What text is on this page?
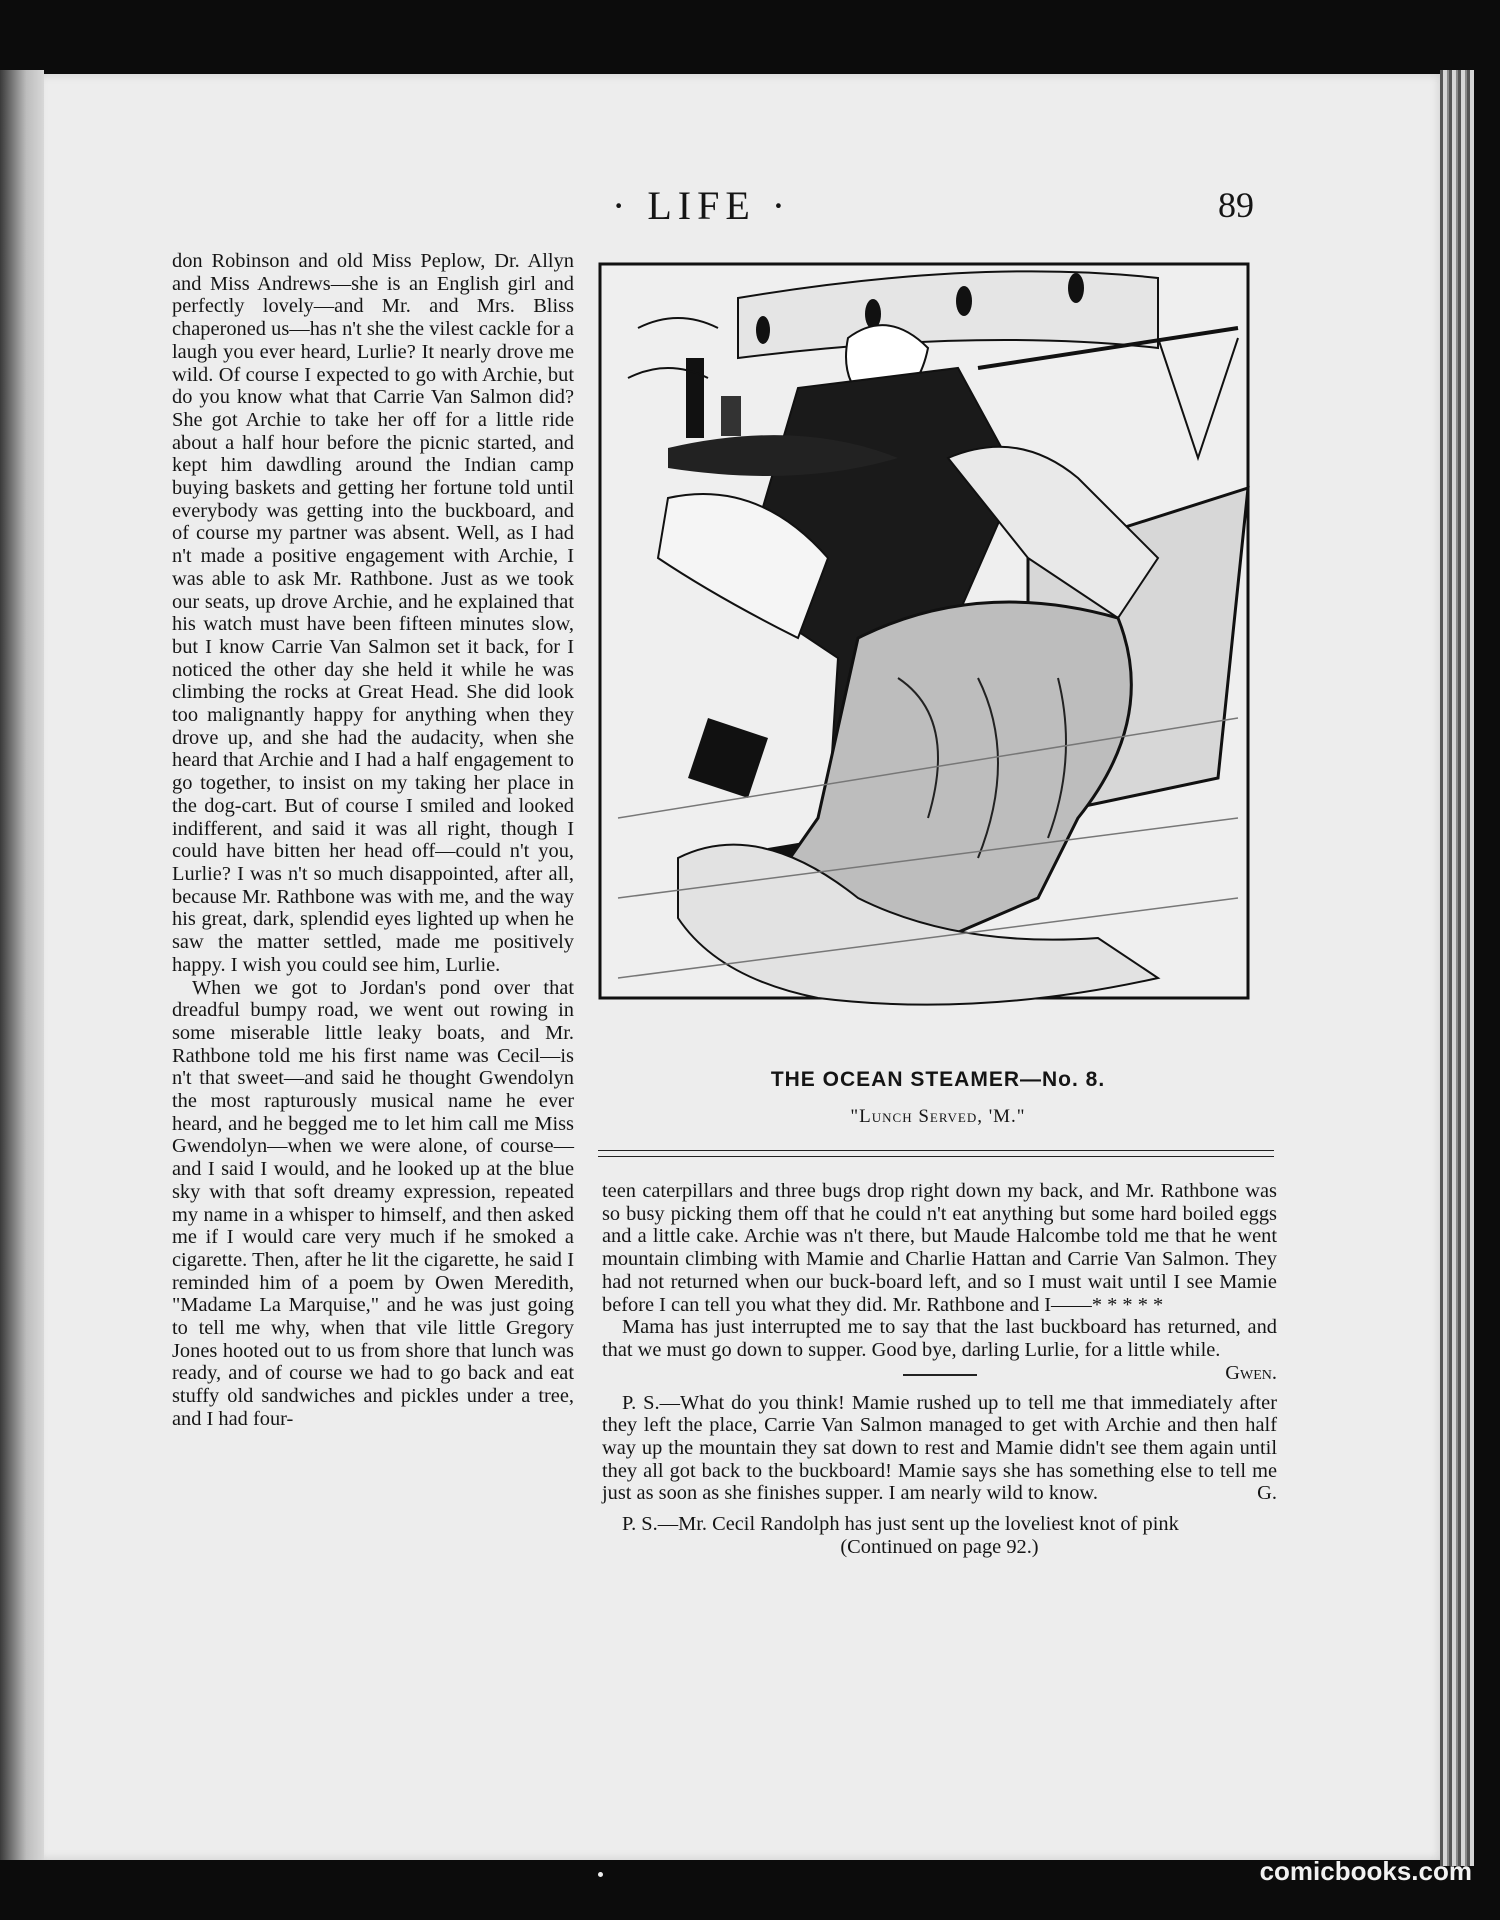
· LIFE ·	89

don Robinson and old Miss Peplow, Dr. Allyn and Miss Andrews—she is an English girl and perfectly lovely—and Mr. and Mrs. Bliss chaperoned us—has n't she the vilest cackle for a laugh you ever heard, Lurlie? It nearly drove me wild. Of course I expected to go with Archie, but do you know what that Carrie Van Salmon did? She got Archie to take her off for a little ride about a half hour before the picnic started, and kept him dawdling around the Indian camp buying baskets and getting her fortune told until everybody was getting into the buckboard, and of course my partner was absent. Well, as I had n't made a positive engagement with Archie, I was able to ask Mr. Rathbone. Just as we took our seats, up drove Archie, and he explained that his watch must have been fifteen minutes slow, but I know Carrie Van Salmon set it back, for I noticed the other day she held it while he was climbing the rocks at Great Head. She did look too malignantly happy for anything when they drove up, and she had the audacity, when she heard that Archie and I had a half engagement to go together, to insist on my taking her place in the dog-cart. But of course I smiled and looked indifferent, and said it was all right, though I could have bitten her head off—could n't you, Lurlie? I was n't so much disappointed, after all, because Mr. Rathbone was with me, and the way his great, dark, splendid eyes lighted up when he saw the matter settled, made me positively happy. I wish you could see him, Lurlie.

When we got to Jordan's pond over that dreadful bumpy road, we went out rowing in some miserable little leaky boats, and Mr. Rathbone told me his first name was Cecil—is n't that sweet—and said he thought Gwendolyn the most rapturously musical name he ever heard, and he begged me to let him call me Miss Gwendolyn—when we were alone, of course—and I said I would, and he looked up at the blue sky with that soft dreamy expression, repeated my name in a whisper to himself, and then asked me if I would care very much if he smoked a cigarette. Then, after he lit the cigarette, he said I reminded him of a poem by Owen Meredith, "Madame La Marquise," and he was just going to tell me why, when that vile little Gregory Jones hooted out to us from shore that lunch was ready, and of course we had to go back and eat stuffy old sandwiches and pickles under a tree, and I had four-

THE OCEAN STEAMER—No. 8.
"Lunch Served, 'M."

teen caterpillars and three bugs drop right down my back, and Mr. Rathbone was so busy picking them off that he could n't eat anything but some hard boiled eggs and a little cake. Archie was n't there, but Maude Halcombe told me that he went mountain climbing with Mamie and Charlie Hattan and Carrie Van Salmon. They had not returned when our buck-board left, and so I must wait until I see Mamie before I can tell you what they did. Mr. Rathbone and I——* * * * *

Mama has just interrupted me to say that the last buckboard has returned, and that we must go down to supper. Good bye, darling Lurlie, for a little while.
Gwen.

P. S.—What do you think! Mamie rushed up to tell me that immediately after they left the place, Carrie Van Salmon managed to get with Archie and then half way up the mountain they sat down to rest and Mamie didn't see them again until they all got back to the buckboard! Mamie says she has something else to tell me just as soon as she finishes supper. I am nearly wild to know.	G.

P. S.—Mr. Cecil Randolph has just sent up the loveliest knot of pink

(Continued on page 92.)

comicbooks.com
